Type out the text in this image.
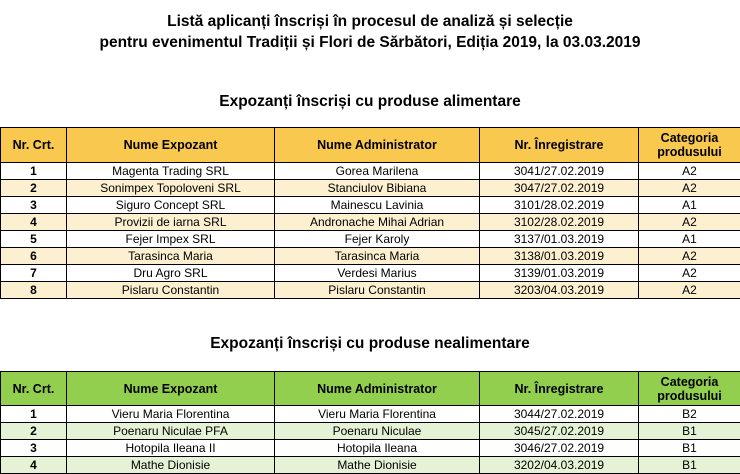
Listă aplicanți înscriși în procesul de analiză și selecție
pentru evenimentul Tradiții și Flori de Sărbători, Ediția 2019, la 03.03.2019
Expozanți înscriși cu produse alimentare
Nr. Crt.	Nume Expozant	Nume Administrator	Nr. Înregistrare	Categoria produsului
1	Magenta Trading SRL	Gorea Marilena	3041/27.02.2019	A2
2	Sonimpex Topoloveni SRL	Stanciulov Bibiana	3047/27.02.2019	A2
3	Siguro Concept SRL	Mainescu Lavinia	3101/28.02.2019	A1
4	Provizii de iarna SRL	Andronache Mihai Adrian	3102/28.02.2019	A2
5	Fejer Impex SRL	Fejer Karoly	3137/01.03.2019	A1
6	Tarasinca Maria	Tarasinca Maria	3138/01.03.2019	A2
7	Dru Agro SRL	Verdesi Marius	3139/01.03.2019	A2
8	Pislaru Constantin	Pislaru Constantin	3203/04.03.2019	A2
Expozanți înscriși cu produse nealimentare
Nr. Crt.	Nume Expozant	Nume Administrator	Nr. Înregistrare	Categoria produsului
1	Vieru Maria Florentina	Vieru Maria Florentina	3044/27.02.2019	B2
2	Poenaru Niculae PFA	Poenaru Niculae	3045/27.02.2019	B1
3	Hotopila Ileana II	Hotopila Ileana	3046/27.02.2019	B1
4	Mathe Dionisie	Mathe Dionisie	3202/04.03.2019	B1
